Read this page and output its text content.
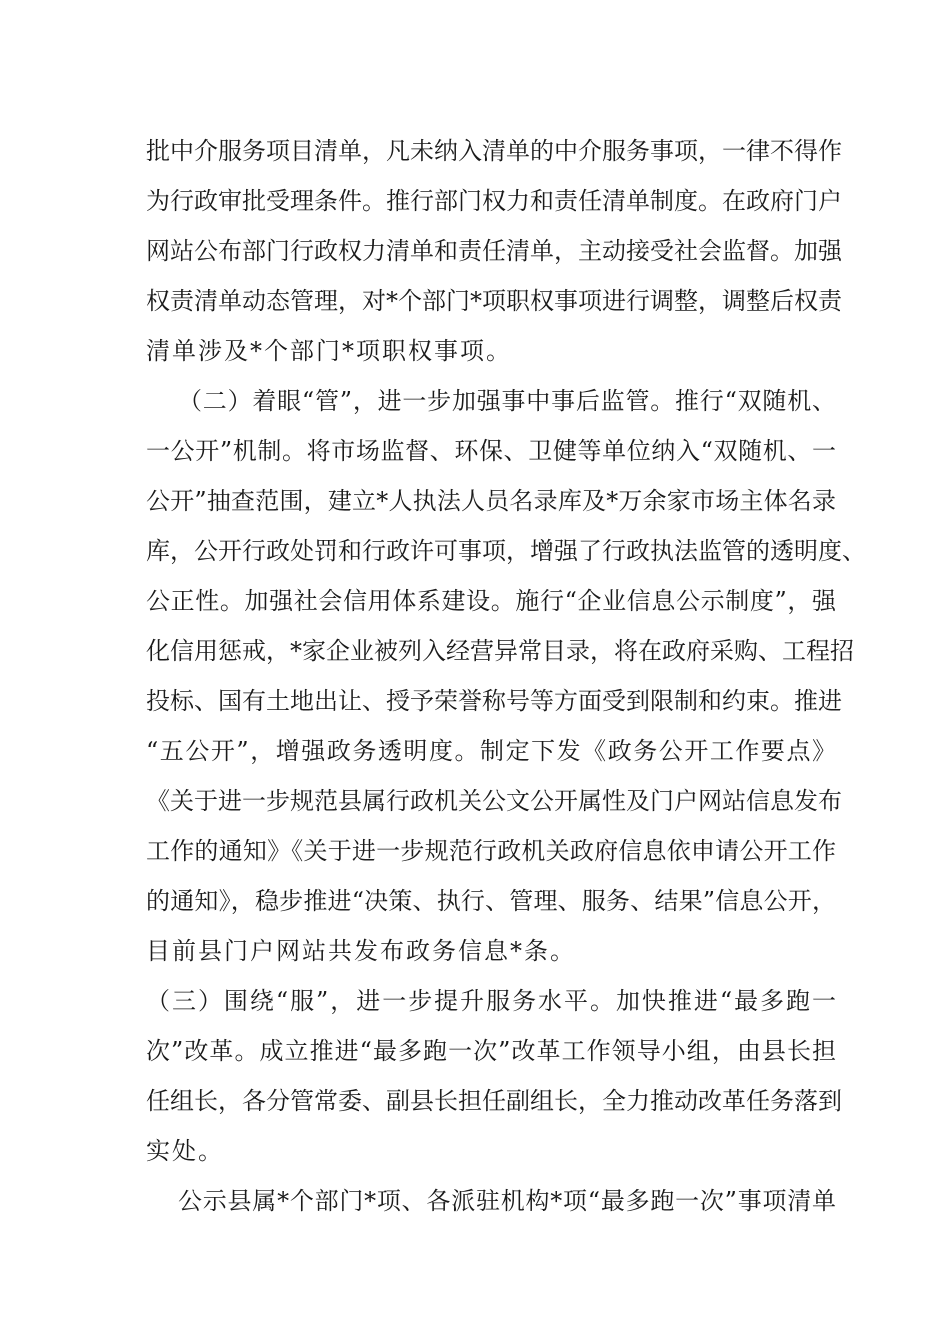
批中介服务项目清单，凡未纳入清单的中介服务事项，一律不得作
为行政审批受理条件。推行部门权力和责任清单制度。在政府门户
网站公布部门行政权力清单和责任清单，主动接受社会监督。加强
权责清单动态管理，对*个部门*项职权事项进行调整，调整后权责
清单涉及*个部门*项职权事项。
（二）着眼“管”，进一步加强事中事后监管。推行“双随机、
一公开”机制。将市场监督、环保、卫健等单位纳入“双随机、一
公开”抽查范围，建立*人执法人员名录库及*万余家市场主体名录
库，公开行政处罚和行政许可事项，增强了行政执法监管的透明度、
公正性。加强社会信用体系建设。施行“企业信息公示制度”，强
化信用惩戒，*家企业被列入经营异常目录，将在政府采购、工程招
投标、国有土地出让、授予荣誉称号等方面受到限制和约束。推进
“五公开”，增强政务透明度。制定下发《政务公开工作要点》
《关于进一步规范县属行政机关公文公开属性及门户网站信息发布
工作的通知》《关于进一步规范行政机关政府信息依申请公开工作
的通知》，稳步推进“决策、执行、管理、服务、结果”信息公开，
目前县门户网站共发布政务信息*条。
（三）围绕“服”，进一步提升服务水平。加快推进“最多跑一
次”改革。成立推进“最多跑一次”改革工作领导小组，由县长担
任组长，各分管常委、副县长担任副组长，全力推动改革任务落到
实处。
公示县属*个部门*项、各派驻机构*项“最多跑一次”事项清单
